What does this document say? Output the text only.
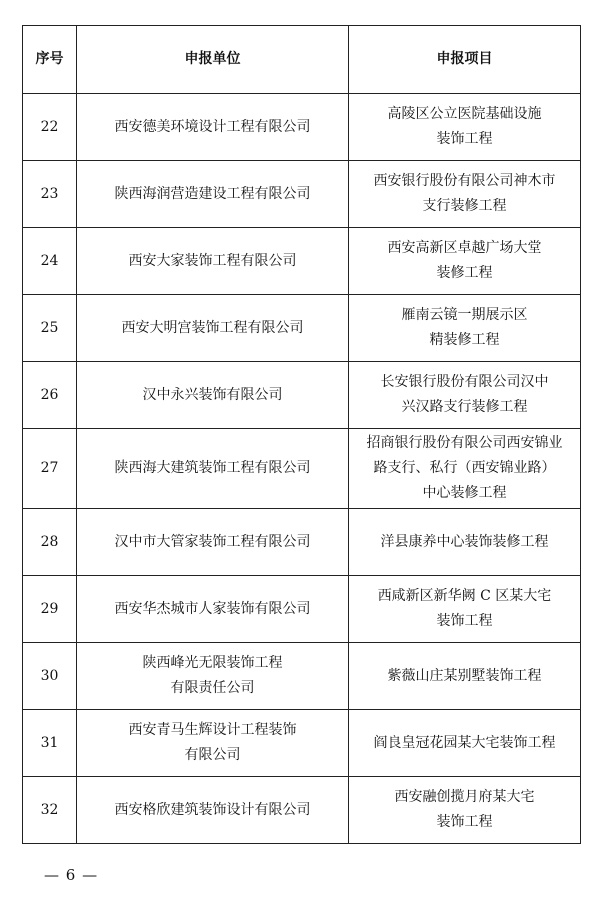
序号	申报单位	申报项目
22	西安德美环境设计工程有限公司	高陵区公立医院基础设施
装饰工程
23	陕西海润营造建设工程有限公司	西安银行股份有限公司神木市
支行装修工程
24	西安大家装饰工程有限公司	西安高新区卓越广场大堂
装修工程
25	西安大明宫装饰工程有限公司	雁南云镜一期展示区
精装修工程
26	汉中永兴装饰有限公司	长安银行股份有限公司汉中
兴汉路支行装修工程
27	陕西海大建筑装饰工程有限公司	招商银行股份有限公司西安锦业
路支行、私行（西安锦业路）
中心装修工程
28	汉中市大管家装饰工程有限公司	洋县康养中心装饰装修工程
29	西安华杰城市人家装饰有限公司	西咸新区新华阙 C 区某大宅
装饰工程
30	陕西峰光无限装饰工程
有限责任公司	紫薇山庄某别墅装饰工程
31	西安青马生辉设计工程装饰
有限公司	阎良皇冠花园某大宅装饰工程
32	西安格欣建筑装饰设计有限公司	西安融创揽月府某大宅
装饰工程
— 6 —
